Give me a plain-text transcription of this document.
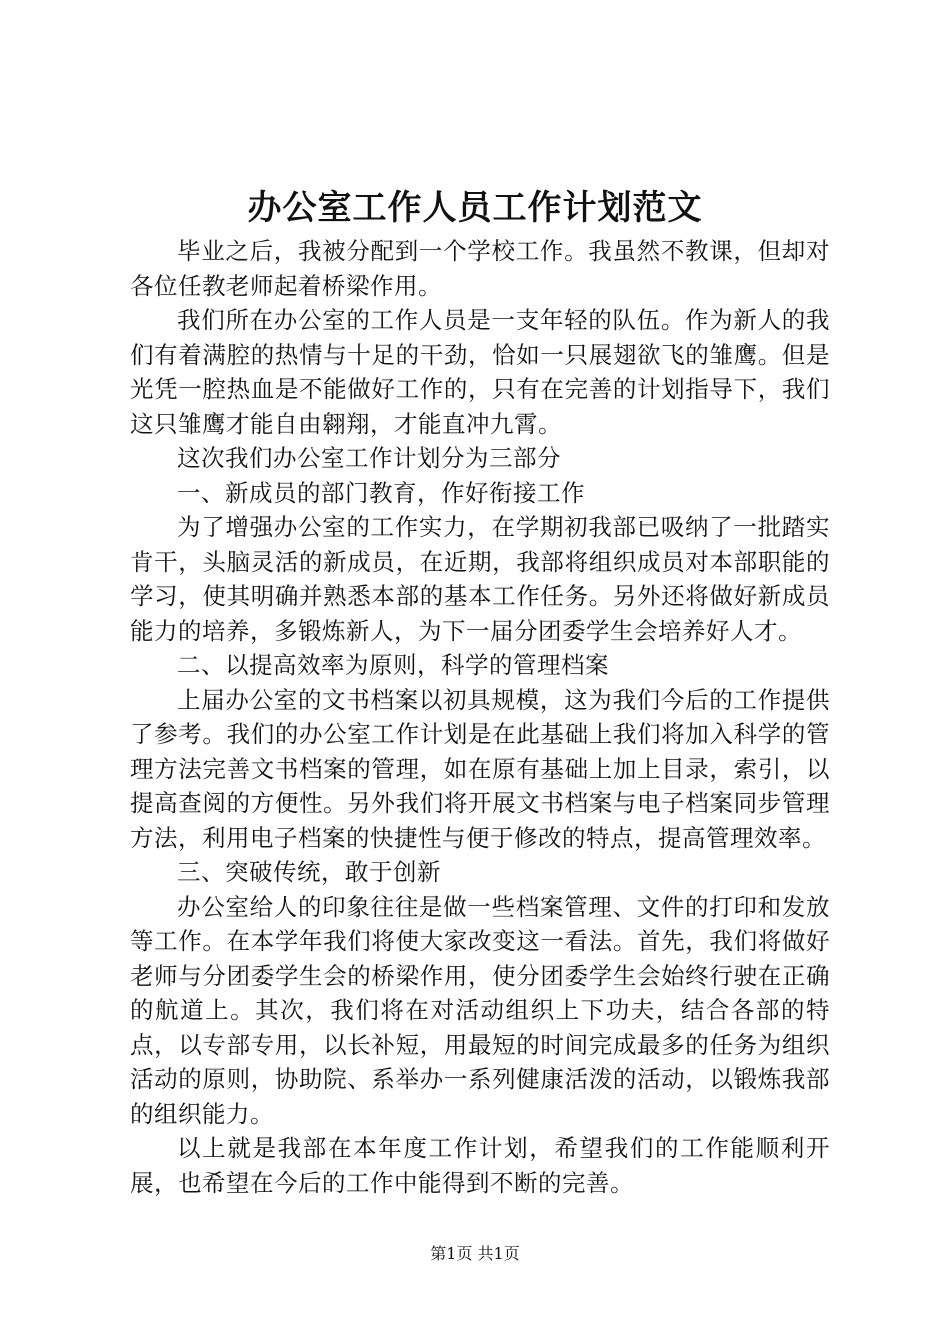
办公室工作人员工作计划范文

毕业之后，我被分配到一个学校工作。我虽然不教课，但却对各位任教老师起着桥梁作用。

我们所在办公室的工作人员是一支年轻的队伍。作为新人的我们有着满腔的热情与十足的干劲，恰如一只展翅欲飞的雏鹰。但是光凭一腔热血是不能做好工作的，只有在完善的计划指导下，我们这只雏鹰才能自由翱翔，才能直冲九霄。

这次我们办公室工作计划分为三部分

一、新成员的部门教育，作好衔接工作

为了增强办公室的工作实力，在学期初我部已吸纳了一批踏实肯干，头脑灵活的新成员，在近期，我部将组织成员对本部职能的学习，使其明确并熟悉本部的基本工作任务。另外还将做好新成员能力的培养，多锻炼新人，为下一届分团委学生会培养好人才。

二、以提高效率为原则，科学的管理档案

上届办公室的文书档案以初具规模，这为我们今后的工作提供了参考。我们的办公室工作计划是在此基础上我们将加入科学的管理方法完善文书档案的管理，如在原有基础上加上目录，索引，以提高查阅的方便性。另外我们将开展文书档案与电子档案同步管理方法，利用电子档案的快捷性与便于修改的特点，提高管理效率。

三、突破传统，敢于创新

办公室给人的印象往往是做一些档案管理、文件的打印和发放等工作。在本学年我们将使大家改变这一看法。首先，我们将做好老师与分团委学生会的桥梁作用，使分团委学生会始终行驶在正确的航道上。其次，我们将在对活动组织上下功夫，结合各部的特点，以专部专用，以长补短，用最短的时间完成最多的任务为组织活动的原则，协助院、系举办一系列健康活泼的活动，以锻炼我部的组织能力。

以上就是我部在本年度工作计划，希望我们的工作能顺利开展，也希望在今后的工作中能得到不断的完善。

第1页 共1页
